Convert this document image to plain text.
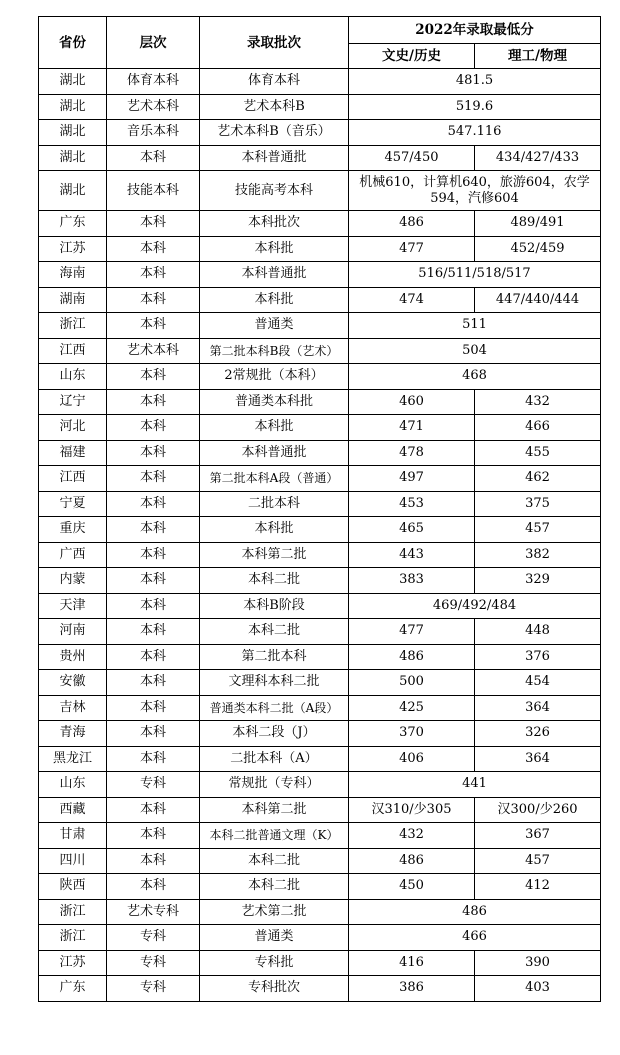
省份	层次	录取批次	2022年录取最低分	
			文史/历史	理工/物理
湖北	体育本科	体育本科	481.5	
湖北	艺术本科	艺术本科B	519.6	
湖北	音乐本科	艺术本科B（音乐）	547.116	
湖北	本科	本科普通批	457/450	434/427/433
湖北	技能本科	技能高考本科	机械610，计算机640，旅游604，农学594，汽修604	
广东	本科	本科批次	486	489/491
江苏	本科	本科批	477	452/459
海南	本科	本科普通批	516/511/518/517	
湖南	本科	本科批	474	447/440/444
浙江	本科	普通类	511	
江西	艺术本科	第二批本科B段（艺术）	504	
山东	本科	2常规批（本科）	468	
辽宁	本科	普通类本科批	460	432
河北	本科	本科批	471	466
福建	本科	本科普通批	478	455
江西	本科	第二批本科A段（普通）	497	462
宁夏	本科	二批本科	453	375
重庆	本科	本科批	465	457
广西	本科	本科第二批	443	382
内蒙	本科	本科二批	383	329
天津	本科	本科B阶段	469/492/484	
河南	本科	本科二批	477	448
贵州	本科	第二批本科	486	376
安徽	本科	文理科本科二批	500	454
吉林	本科	普通类本科二批（A段）	425	364
青海	本科	本科二段（J）	370	326
黑龙江	本科	二批本科（A）	406	364
山东	专科	常规批（专科）	441	
西藏	本科	本科第二批	汉310/少305	汉300/少260
甘肃	本科	本科二批普通文理（K）	432	367
四川	本科	本科二批	486	457
陕西	本科	本科二批	450	412
浙江	艺术专科	艺术第二批	486	
浙江	专科	普通类	466	
江苏	专科	专科批	416	390
广东	专科	专科批次	386	403
